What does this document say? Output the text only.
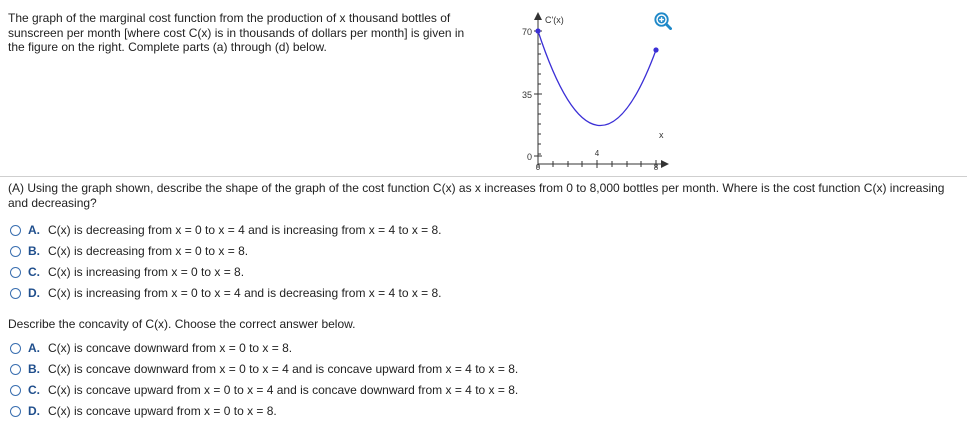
The graph of the marginal cost function from the production of x thousand bottles of sunscreen per month [where cost C(x) is in thousands of dollars per month] is given in the figure on the right. Complete parts (a) through (d) below.
C'(x)
x
70
35
0
0
4
8
(A) Using the graph shown, describe the shape of the graph of the cost function C(x) as x increases from 0 to 8,000 bottles per month. Where is the cost function C(x) increasing and decreasing?
A. C(x) is decreasing from x = 0 to x = 4 and is increasing from x = 4 to x = 8.
B. C(x) is decreasing from x = 0 to x = 8.
C. C(x) is increasing from x = 0 to x = 8.
D. C(x) is increasing from x = 0 to x = 4 and is decreasing from x = 4 to x = 8.
Describe the concavity of C(x). Choose the correct answer below.
A. C(x) is concave downward from x = 0 to x = 8.
B. C(x) is concave downward from x = 0 to x = 4 and is concave upward from x = 4 to x = 8.
C. C(x) is concave upward from x = 0 to x = 4 and is concave downward from x = 4 to x = 8.
D. C(x) is concave upward from x = 0 to x = 8.
